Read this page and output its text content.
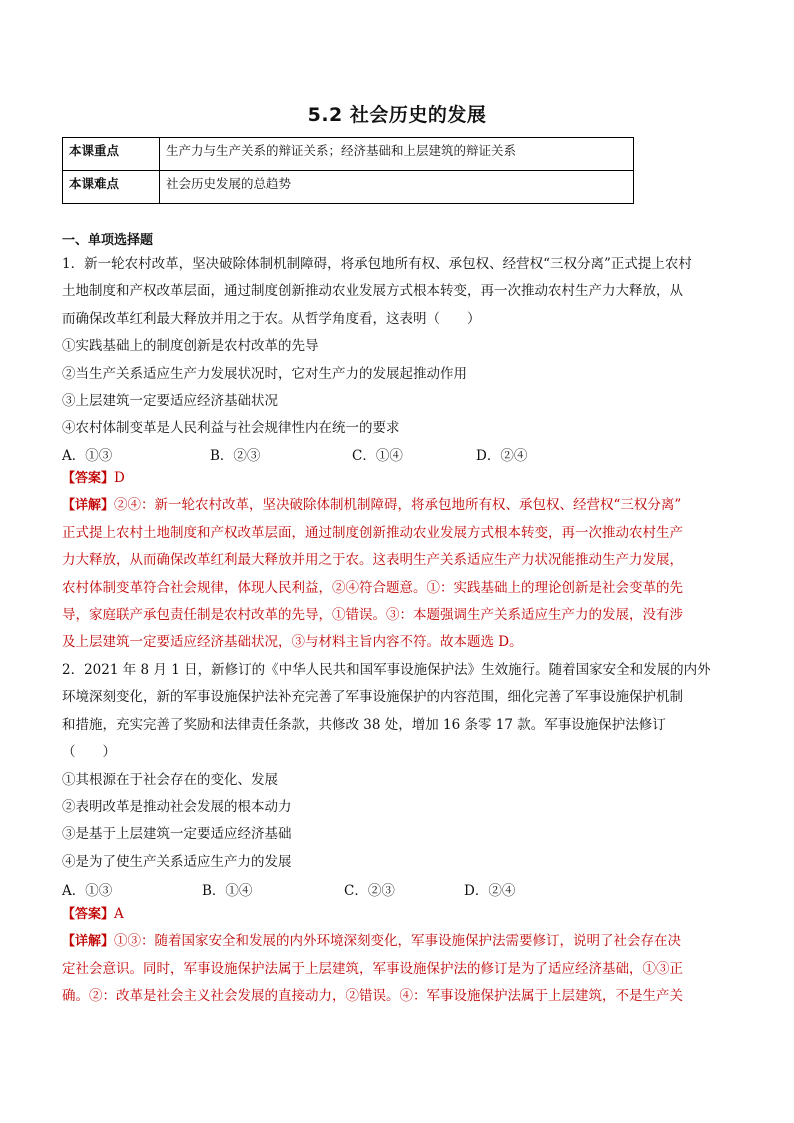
5.2 社会历史的发展
本课重点	生产力与生产关系的辩证关系；经济基础和上层建筑的辩证关系
本课难点	社会历史发展的总趋势
一、单项选择题
1．新一轮农村改革，坚决破除体制机制障碍，将承包地所有权、承包权、经营权“三权分离”正式提上农村
土地制度和产权改革层面，通过制度创新推动农业发展方式根本转变，再一次推动农村生产力大释放，从
而确保改革红利最大释放并用之于农。从哲学角度看，这表明（　　）
①实践基础上的制度创新是农村改革的先导
②当生产关系适应生产力发展状况时，它对生产力的发展起推动作用
③上层建筑一定要适应经济基础状况
④农村体制变革是人民利益与社会规律性内在统一的要求
A．①③	B．②③	C．①④	D．②④
【答案】D
【详解】②④：新一轮农村改革，坚决破除体制机制障碍，将承包地所有权、承包权、经营权“三权分离”
正式提上农村土地制度和产权改革层面，通过制度创新推动农业发展方式根本转变，再一次推动农村生产
力大释放，从而确保改革红利最大释放并用之于农。这表明生产关系适应生产力状况能推动生产力发展，
农村体制变革符合社会规律，体现人民利益，②④符合题意。①：实践基础上的理论创新是社会变革的先
导，家庭联产承包责任制是农村改革的先导，①错误。③：本题强调生产关系适应生产力的发展，没有涉
及上层建筑一定要适应经济基础状况，③与材料主旨内容不符。故本题选 D。
2．2021 年 8 月 1 日，新修订的《中华人民共和国军事设施保护法》生效施行。随着国家安全和发展的内外
环境深刻变化，新的军事设施保护法补充完善了军事设施保护的内容范围，细化完善了军事设施保护机制
和措施，充实完善了奖励和法律责任条款，共修改 38 处，增加 16 条零 17 款。军事设施保护法修订
（　　）
①其根源在于社会存在的变化、发展
②表明改革是推动社会发展的根本动力
③是基于上层建筑一定要适应经济基础
④是为了使生产关系适应生产力的发展
A．①③	B．①④	C．②③	D．②④
【答案】A
【详解】①③：随着国家安全和发展的内外环境深刻变化，军事设施保护法需要修订，说明了社会存在决
定社会意识。同时，军事设施保护法属于上层建筑，军事设施保护法的修订是为了适应经济基础，①③正
确。②：改革是社会主义社会发展的直接动力，②错误。④：军事设施保护法属于上层建筑，不是生产关
